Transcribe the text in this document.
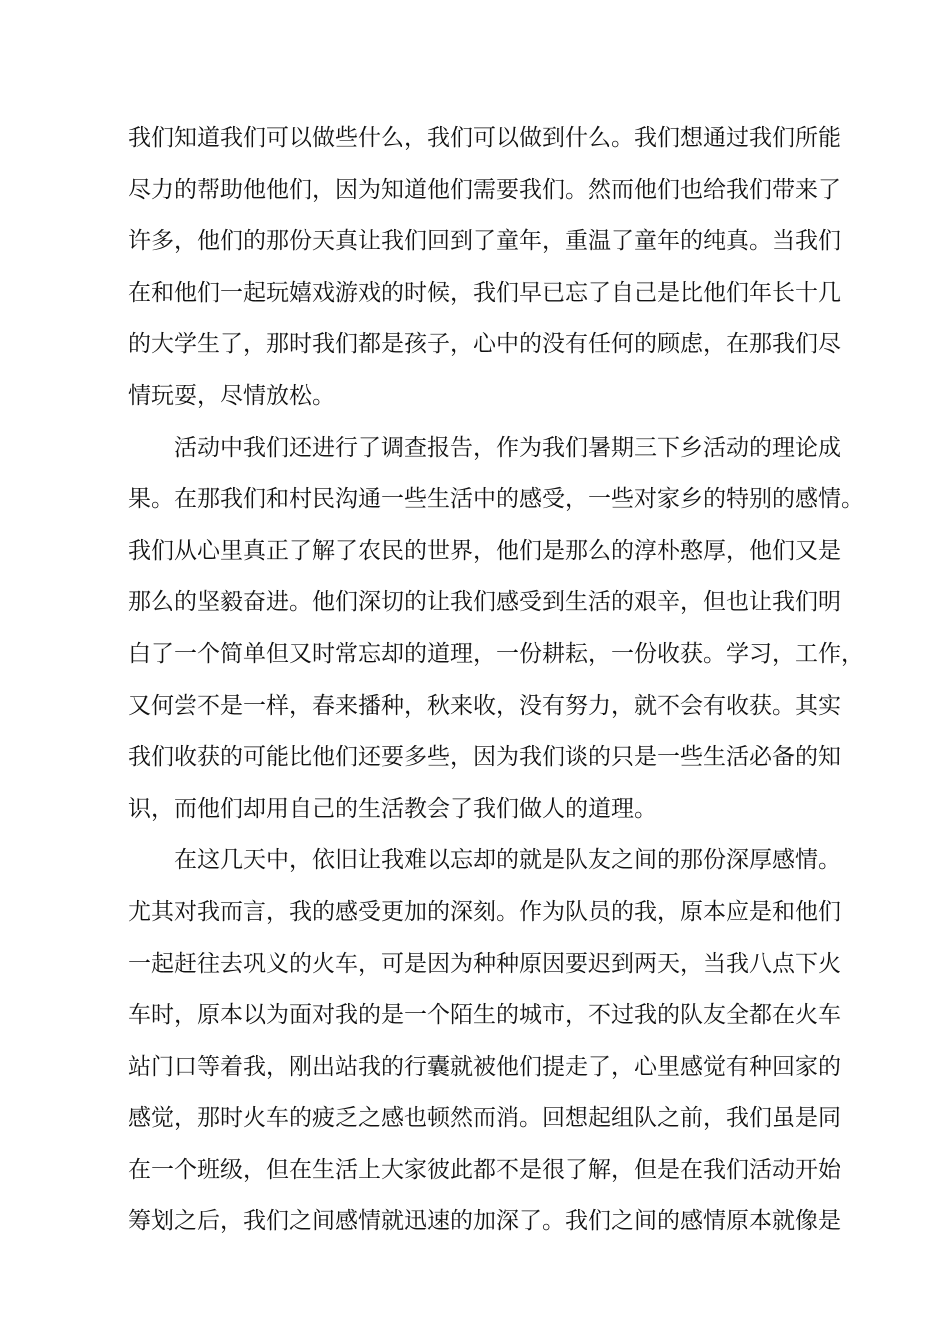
我们知道我们可以做些什么，我们可以做到什么。我们想通过我们所能
尽力的帮助他他们，因为知道他们需要我们。然而他们也给我们带来了
许多，他们的那份天真让我们回到了童年，重温了童年的纯真。当我们
在和他们一起玩嬉戏游戏的时候，我们早已忘了自己是比他们年长十几
的大学生了，那时我们都是孩子，心中的没有任何的顾虑，在那我们尽
情玩耍，尽情放松。
活动中我们还进行了调查报告，作为我们暑期三下乡活动的理论成
果。在那我们和村民沟通一些生活中的感受，一些对家乡的特别的感情。
我们从心里真正了解了农民的世界，他们是那么的淳朴憨厚，他们又是
那么的坚毅奋进。他们深切的让我们感受到生活的艰辛，但也让我们明
白了一个简单但又时常忘却的道理，一份耕耘，一份收获。学习，工作，
又何尝不是一样，春来播种，秋来收，没有努力，就不会有收获。其实
我们收获的可能比他们还要多些，因为我们谈的只是一些生活必备的知
识，而他们却用自己的生活教会了我们做人的道理。
在这几天中，依旧让我难以忘却的就是队友之间的那份深厚感情。
尤其对我而言，我的感受更加的深刻。作为队员的我，原本应是和他们
一起赶往去巩义的火车，可是因为种种原因要迟到两天，当我八点下火
车时，原本以为面对我的是一个陌生的城市，不过我的队友全都在火车
站门口等着我，刚出站我的行囊就被他们提走了，心里感觉有种回家的
感觉，那时火车的疲乏之感也顿然而消。回想起组队之前，我们虽是同
在一个班级，但在生活上大家彼此都不是很了解，但是在我们活动开始
筹划之后，我们之间感情就迅速的加深了。我们之间的感情原本就像是
